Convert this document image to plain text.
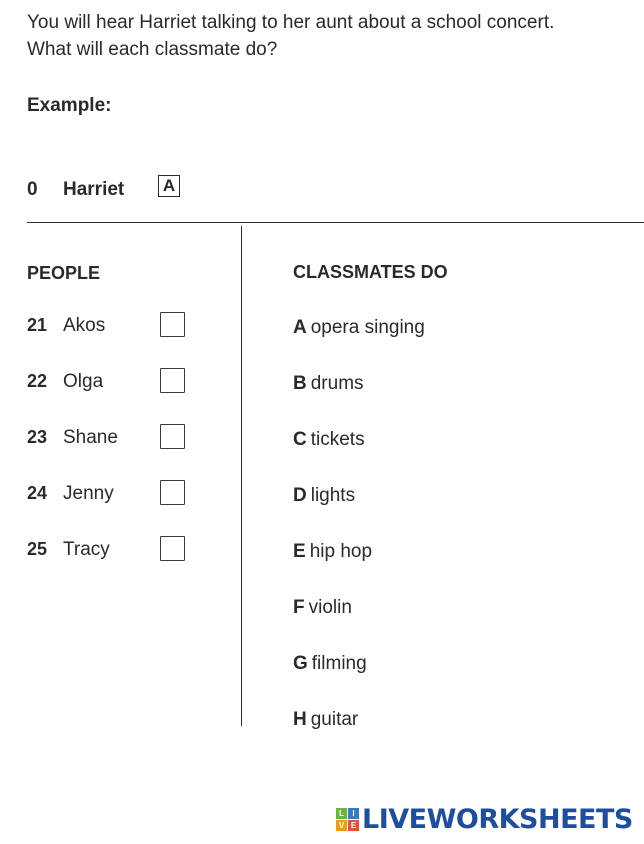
You will hear Harriet talking to her aunt about a school concert.
What will each classmate do?
Example:
0 Harriet A
PEOPLE	CLASSMATES DO
21 Akos
22 Olga
23 Shane
24 Jenny
25 Tracy
A opera singing
B drums
C tickets
D lights
E hip hop
F violin
G filming
H guitar
L	I
V E LIVEWORKSHEETS
